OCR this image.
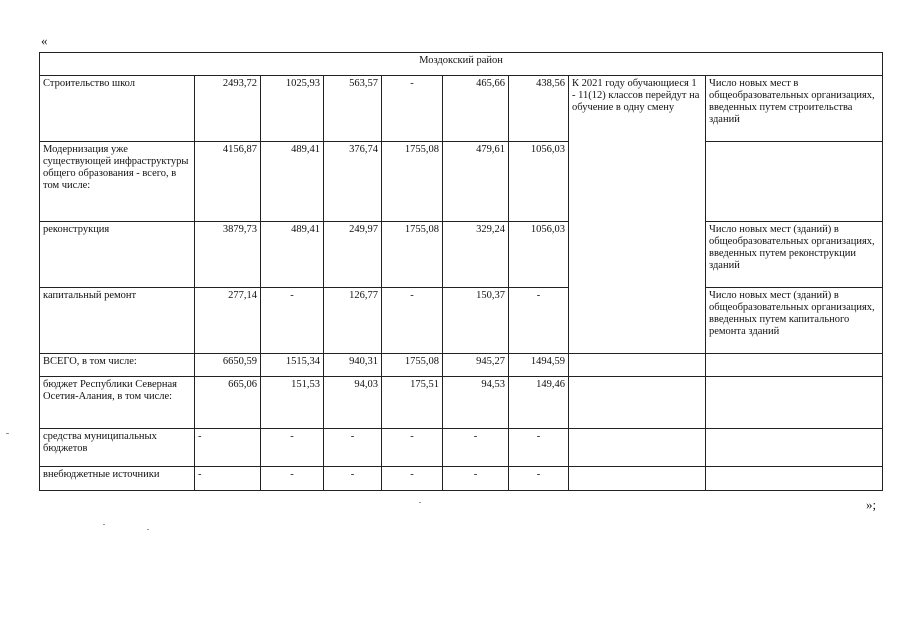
«
Моздокский район								
Строительство школ	2493,72	1025,93	563,57	-	465,66	438,56	К 2021 году обучающиеся 1 - 11(12) классов перейдут на обучение в одну смену	Число новых мест в общеобразовательных организациях, введенных путем строительства зданий
Модернизация уже существующей инфраструктуры общего образования - всего, в том числе:	4156,87	489,41	376,74	1755,08	479,61	1056,03		
реконструкция	3879,73	489,41	249,97	1755,08	329,24	1056,03		Число новых мест (зданий) в общеобразовательных организациях, введенных путем реконструкции зданий
капитальный ремонт	277,14	-	126,77	-	150,37	-		Число новых мест (зданий) в общеобразовательных организациях, введенных путем капитального ремонта зданий
ВСЕГО, в том числе:	6650,59	1515,34	940,31	1755,08	945,27	1494,59		
бюджет Республики Северная Осетия-Алания, в том числе:	665,06	151,53	94,03	175,51	94,53	149,46		
средства муниципальных бюджетов	-	-	-	-	-	-		
внебюджетные источники	-	-	-	-	-	-		
»;
